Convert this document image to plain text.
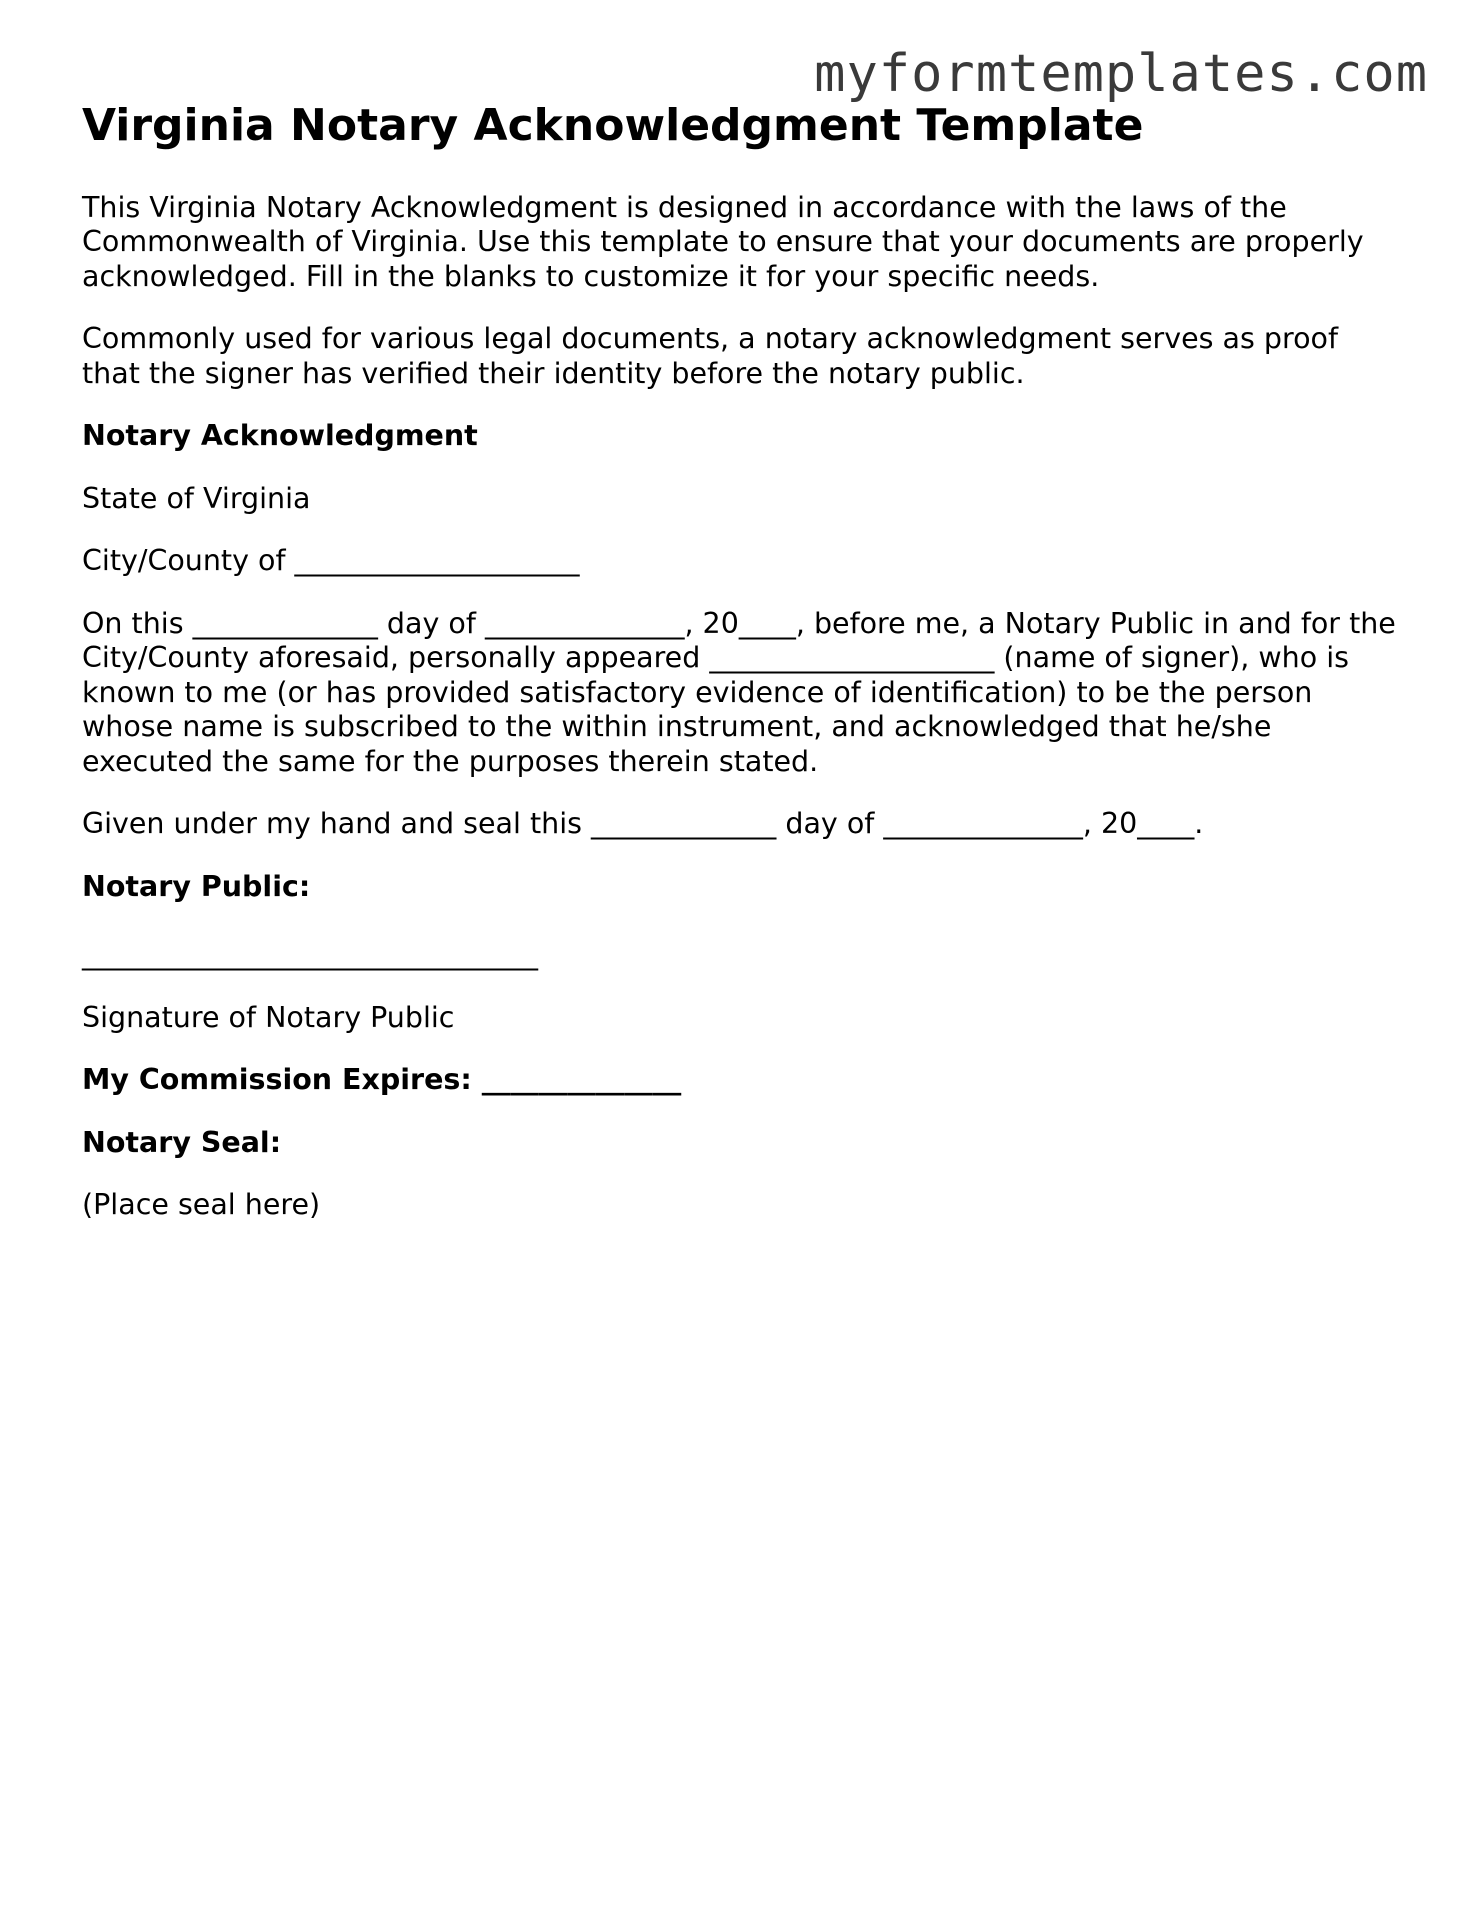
myformtemplates.com
Virginia Notary Acknowledgment Template

This Virginia Notary Acknowledgment is designed in accordance with the laws of the Commonwealth of Virginia. Use this template to ensure that your documents are properly acknowledged. Fill in the blanks to customize it for your specific needs.

Commonly used for various legal documents, a notary acknowledgment serves as proof that the signer has verified their identity before the notary public.

Notary Acknowledgment

State of Virginia

City/County of ____________________

On this _____________ day of ______________, 20____, before me, a Notary Public in and for the City/County aforesaid, personally appeared ____________________ (name of signer), who is known to me (or has provided satisfactory evidence of identification) to be the person whose name is subscribed to the within instrument, and acknowledged that he/she executed the same for the purposes therein stated.

Given under my hand and seal this _____________ day of ______________, 20____.

Notary Public:

________________________________

Signature of Notary Public

My Commission Expires: ______________

Notary Seal:

(Place seal here)
